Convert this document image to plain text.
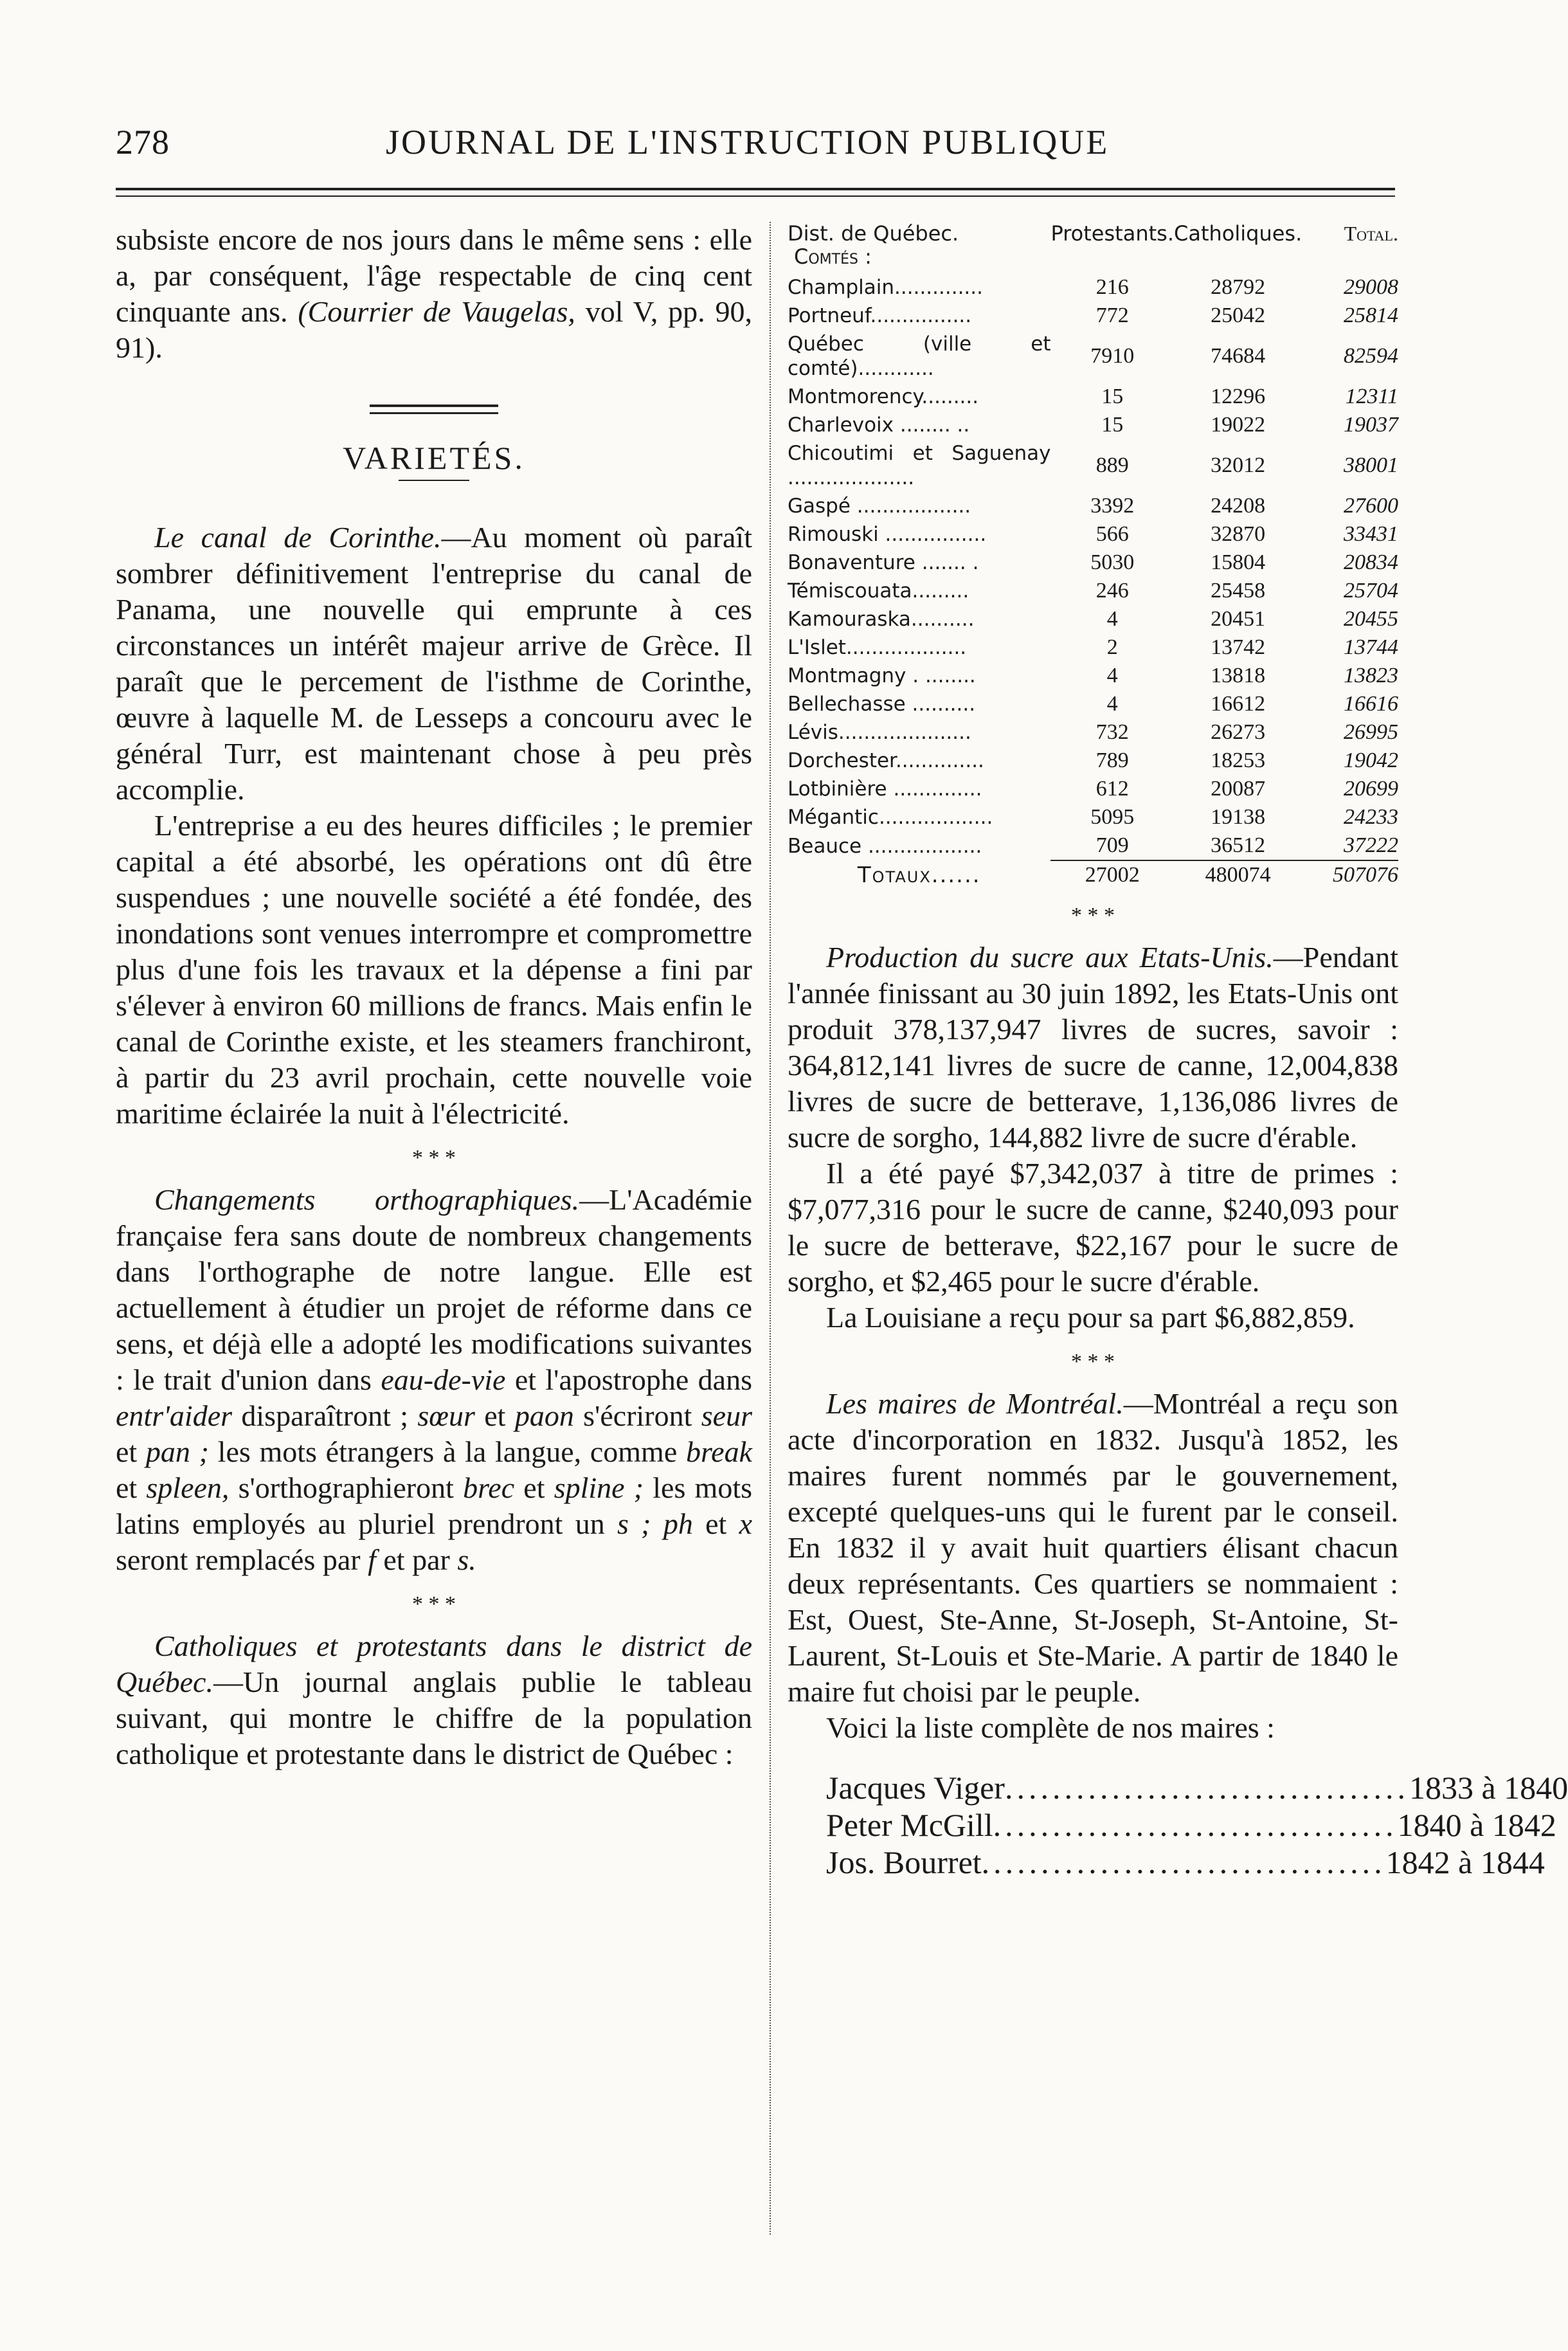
278	JOURNAL DE L'INSTRUCTION PUBLIQUE

subsiste encore de nos jours dans le même sens : elle a, par conséquent, l'âge respectable de cinq cent cinquante ans. (Courrier de Vaugelas, vol V, pp. 90, 91).

VARIETÉS.

Le canal de Corinthe.—Au moment où paraît sombrer définitivement l'entreprise du canal de Panama, une nouvelle qui emprunte à ces circonstances un intérêt majeur arrive de Grèce. Il paraît que le percement de l'isthme de Corinthe, œuvre à laquelle M. de Lesseps a concouru avec le général Turr, est maintenant chose à peu près accomplie.

L'entreprise a eu des heures difficiles ; le premier capital a été absorbé, les opérations ont dû être suspendues ; une nouvelle société a été fondée, des inondations sont venues interrompre et compromettre plus d'une fois les travaux et la dépense a fini par s'élever à environ 60 millions de francs. Mais enfin le canal de Corinthe existe, et les steamers franchiront, à partir du 23 avril prochain, cette nouvelle voie maritime éclairée la nuit à l'électricité.

* * *

Changements orthographiques.—L'Académie française fera sans doute de nombreux changements dans l'orthographe de notre langue. Elle est actuellement à étudier un projet de réforme dans ce sens, et déjà elle a adopté les modifications suivantes : le trait d'union dans eau-de-vie et l'apostrophe dans entr'aider disparaîtront ; sœur et paon s'écriront seur et pan ; les mots étrangers à la langue, comme break et spleen, s'orthographieront brec et spline ; les mots latins employés au pluriel prendront un s ; ph et x seront remplacés par f et par s.

* * *

Catholiques et protestants dans le district de Québec.—Un journal anglais publie le tableau suivant, qui montre le chiffre de la population catholique et protestante dans le district de Québec :

Dist. de Québec.
Comtés :	Protestants.	Catholiques.	Total.
Champlain..............	216	28792	29008
Portneuf................	772	25042	25814
Québec (ville et comté)............	7910	74684	82594
Montmorency.........	15	12296	12311
Charlevoix ........ ..	15	19022	19037
Chicoutimi et Saguenay ....................	889	32012	38001
Gaspé ..................	3392	24208	27600
Rimouski ................	566	32870	33431
Bonaventure ....... .	5030	15804	20834
Témiscouata.........	246	25458	25704
Kamouraska..........	4	20451	20455
L'Islet...................	2	13742	13744
Montmagny . ........	4	13818	13823
Bellechasse ..........	4	16612	16616
Lévis.....................	732	26273	26995
Dorchester..............	789	18253	19042
Lotbinière ..............	612	20087	20699
Mégantic..................	5095	19138	24233
Beauce ..................	709	36512	37222
Totaux......	27002	480074	507076
* * *

Production du sucre aux Etats-Unis.—Pendant l'année finissant au 30 juin 1892, les Etats-Unis ont produit 378,137,947 livres de sucres, savoir : 364,812,141 livres de sucre de canne, 12,004,838 livres de sucre de betterave, 1,136,086 livres de sucre de sorgho, 144,882 livre de sucre d'érable.

Il a été payé $7,342,037 à titre de primes : $7,077,316 pour le sucre de canne, $240,093 pour le sucre de betterave, $22,167 pour le sucre de sorgho, et $2,465 pour le sucre d'érable.

La Louisiane a reçu pour sa part $6,882,859.

* * *

Les maires de Montréal.—Montréal a reçu son acte d'incorporation en 1832. Jusqu'à 1852, les maires furent nommés par le gouvernement, excepté quelques-uns qui le furent par le conseil. En 1832 il y avait huit quartiers élisant chacun deux représentants. Ces quartiers se nommaient : Est, Ouest, Ste-Anne, St-Joseph, St-Antoine, St-Laurent, St-Louis et Ste-Marie. A partir de 1840 le maire fut choisi par le peuple.

Voici la liste complète de nos maires :

Jacques Viger .................................. 1833 à 1840
Peter McGill .................................. 1840 à 1842
Jos. Bourret .................................. 1842 à 1844
